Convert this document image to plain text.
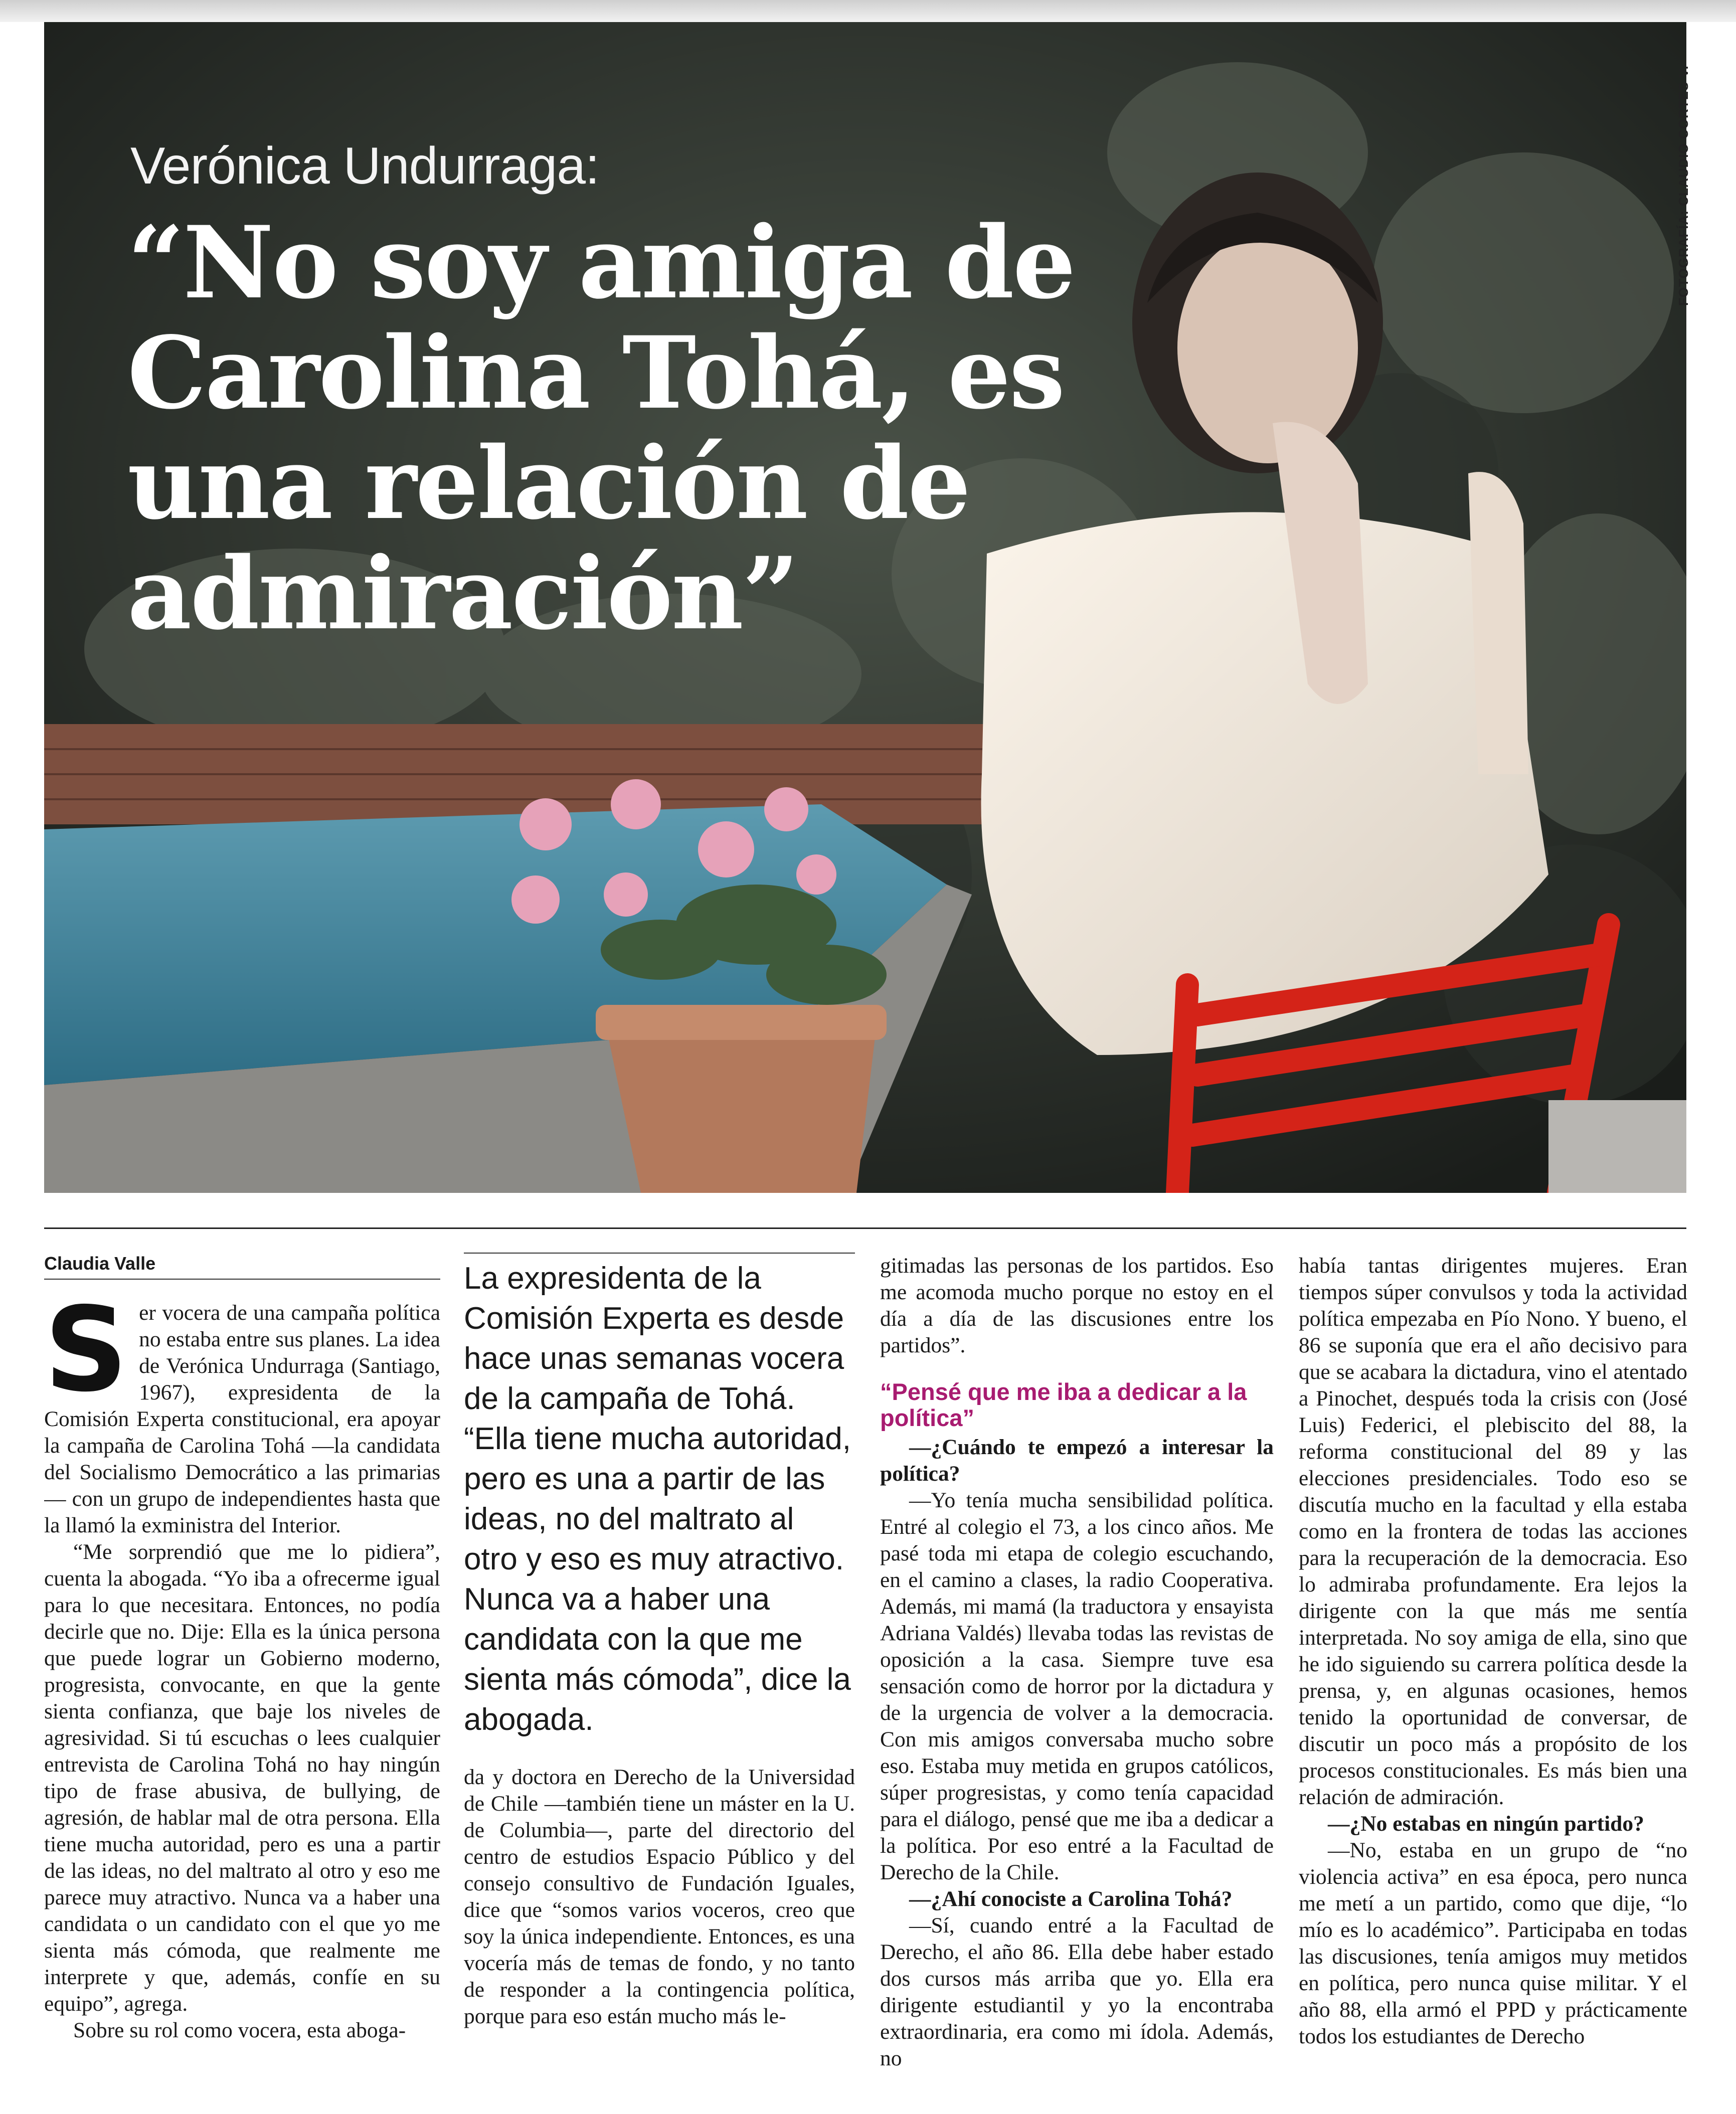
Verónica Undurraga:
“No soy amiga de
Carolina Tohá, es
una relación de
admiración”
FOTOGRAFÍA: CLAUDIO CORTES V.
Claudia Valle

Ser vocera de una campaña política no estaba entre sus planes. La idea de Verónica Undurraga (Santiago, 1967), expresidenta de la Comisión Experta constitucional, era apoyar la campaña de Carolina Tohá —la candidata del Socialismo Democrático a las primarias— con un grupo de independientes hasta que la llamó la exministra del Interior.

“Me sorprendió que me lo pidiera”, cuenta la abogada. “Yo iba a ofrecerme igual para lo que necesitara. Entonces, no podía decirle que no. Dije: Ella es la única persona que puede lograr un Gobierno moderno, progresista, convocante, en que la gente sienta confianza, que baje los niveles de agresividad. Si tú escuchas o lees cualquier entrevista de Carolina Tohá no hay ningún tipo de frase abusiva, de bullying, de agresión, de hablar mal de otra persona. Ella tiene mucha autoridad, pero es una a partir de las ideas, no del maltrato al otro y eso me parece muy atractivo. Nunca va a haber una candidata o un candidato con el que yo me sienta más cómoda, que realmente me interprete y que, además, confíe en su equipo”, agrega.

Sobre su rol como vocera, esta aboga-

La expresidenta de la Comisión Experta es desde hace unas semanas vocera de la campaña de Tohá. “Ella tiene mucha autoridad, pero es una a partir de las ideas, no del maltrato al otro y eso es muy atractivo. Nunca va a haber una candidata con la que me sienta más cómoda”, dice la abogada.

da y doctora en Derecho de la Universidad de Chile —también tiene un máster en la U. de Columbia—, parte del directorio del centro de estudios Espacio Público y del consejo consultivo de Fundación Iguales, dice que “somos varios voceros, creo que soy la única independiente. Entonces, es una vocería más de temas de fondo, y no tanto de responder a la contingencia política, porque para eso están mucho más le-

gitimadas las personas de los partidos. Eso me acomoda mucho porque no estoy en el día a día de las discusiones entre los partidos”.

“Pensé que me iba a dedicar a la política”

—¿Cuándo te empezó a interesar la política?

—Yo tenía mucha sensibilidad política. Entré al colegio el 73, a los cinco años. Me pasé toda mi etapa de colegio escuchando, en el camino a clases, la radio Cooperativa. Además, mi mamá (la traductora y ensayista Adriana Valdés) llevaba todas las revistas de oposición a la casa. Siempre tuve esa sensación como de horror por la dictadura y de la urgencia de volver a la democracia. Con mis amigos conversaba mucho sobre eso. Estaba muy metida en grupos católicos, súper progresistas, y como tenía capacidad para el diálogo, pensé que me iba a dedicar a la política. Por eso entré a la Facultad de Derecho de la Chile.

—¿Ahí conociste a Carolina Tohá?

—Sí, cuando entré a la Facultad de Derecho, el año 86. Ella debe haber estado dos cursos más arriba que yo. Ella era dirigente estudiantil y yo la encontraba extraordinaria, era como mi ídola. Además, no

había tantas dirigentes mujeres. Eran tiempos súper convulsos y toda la actividad política empezaba en Pío Nono. Y bueno, el 86 se suponía que era el año decisivo para que se acabara la dictadura, vino el atentado a Pinochet, después toda la crisis con (José Luis) Federici, el plebiscito del 88, la reforma constitucional del 89 y las elecciones presidenciales. Todo eso se discutía mucho en la facultad y ella estaba como en la frontera de todas las acciones para la recuperación de la democracia. Eso lo admiraba profundamente. Era lejos la dirigente con la que más me sentía interpretada. No soy amiga de ella, sino que he ido siguiendo su carrera política desde la prensa, y, en algunas ocasiones, hemos tenido la oportunidad de conversar, de discutir un poco más a propósito de los procesos constitucionales. Es más bien una relación de admiración.

—¿No estabas en ningún partido?

—No, estaba en un grupo de “no violencia activa” en esa época, pero nunca me metí a un partido, como que dije, “lo mío es lo académico”. Participaba en todas las discusiones, tenía amigos muy metidos en política, pero nunca quise militar. Y el año 88, ella armó el PPD y prácticamente todos los estudiantes de Derecho
